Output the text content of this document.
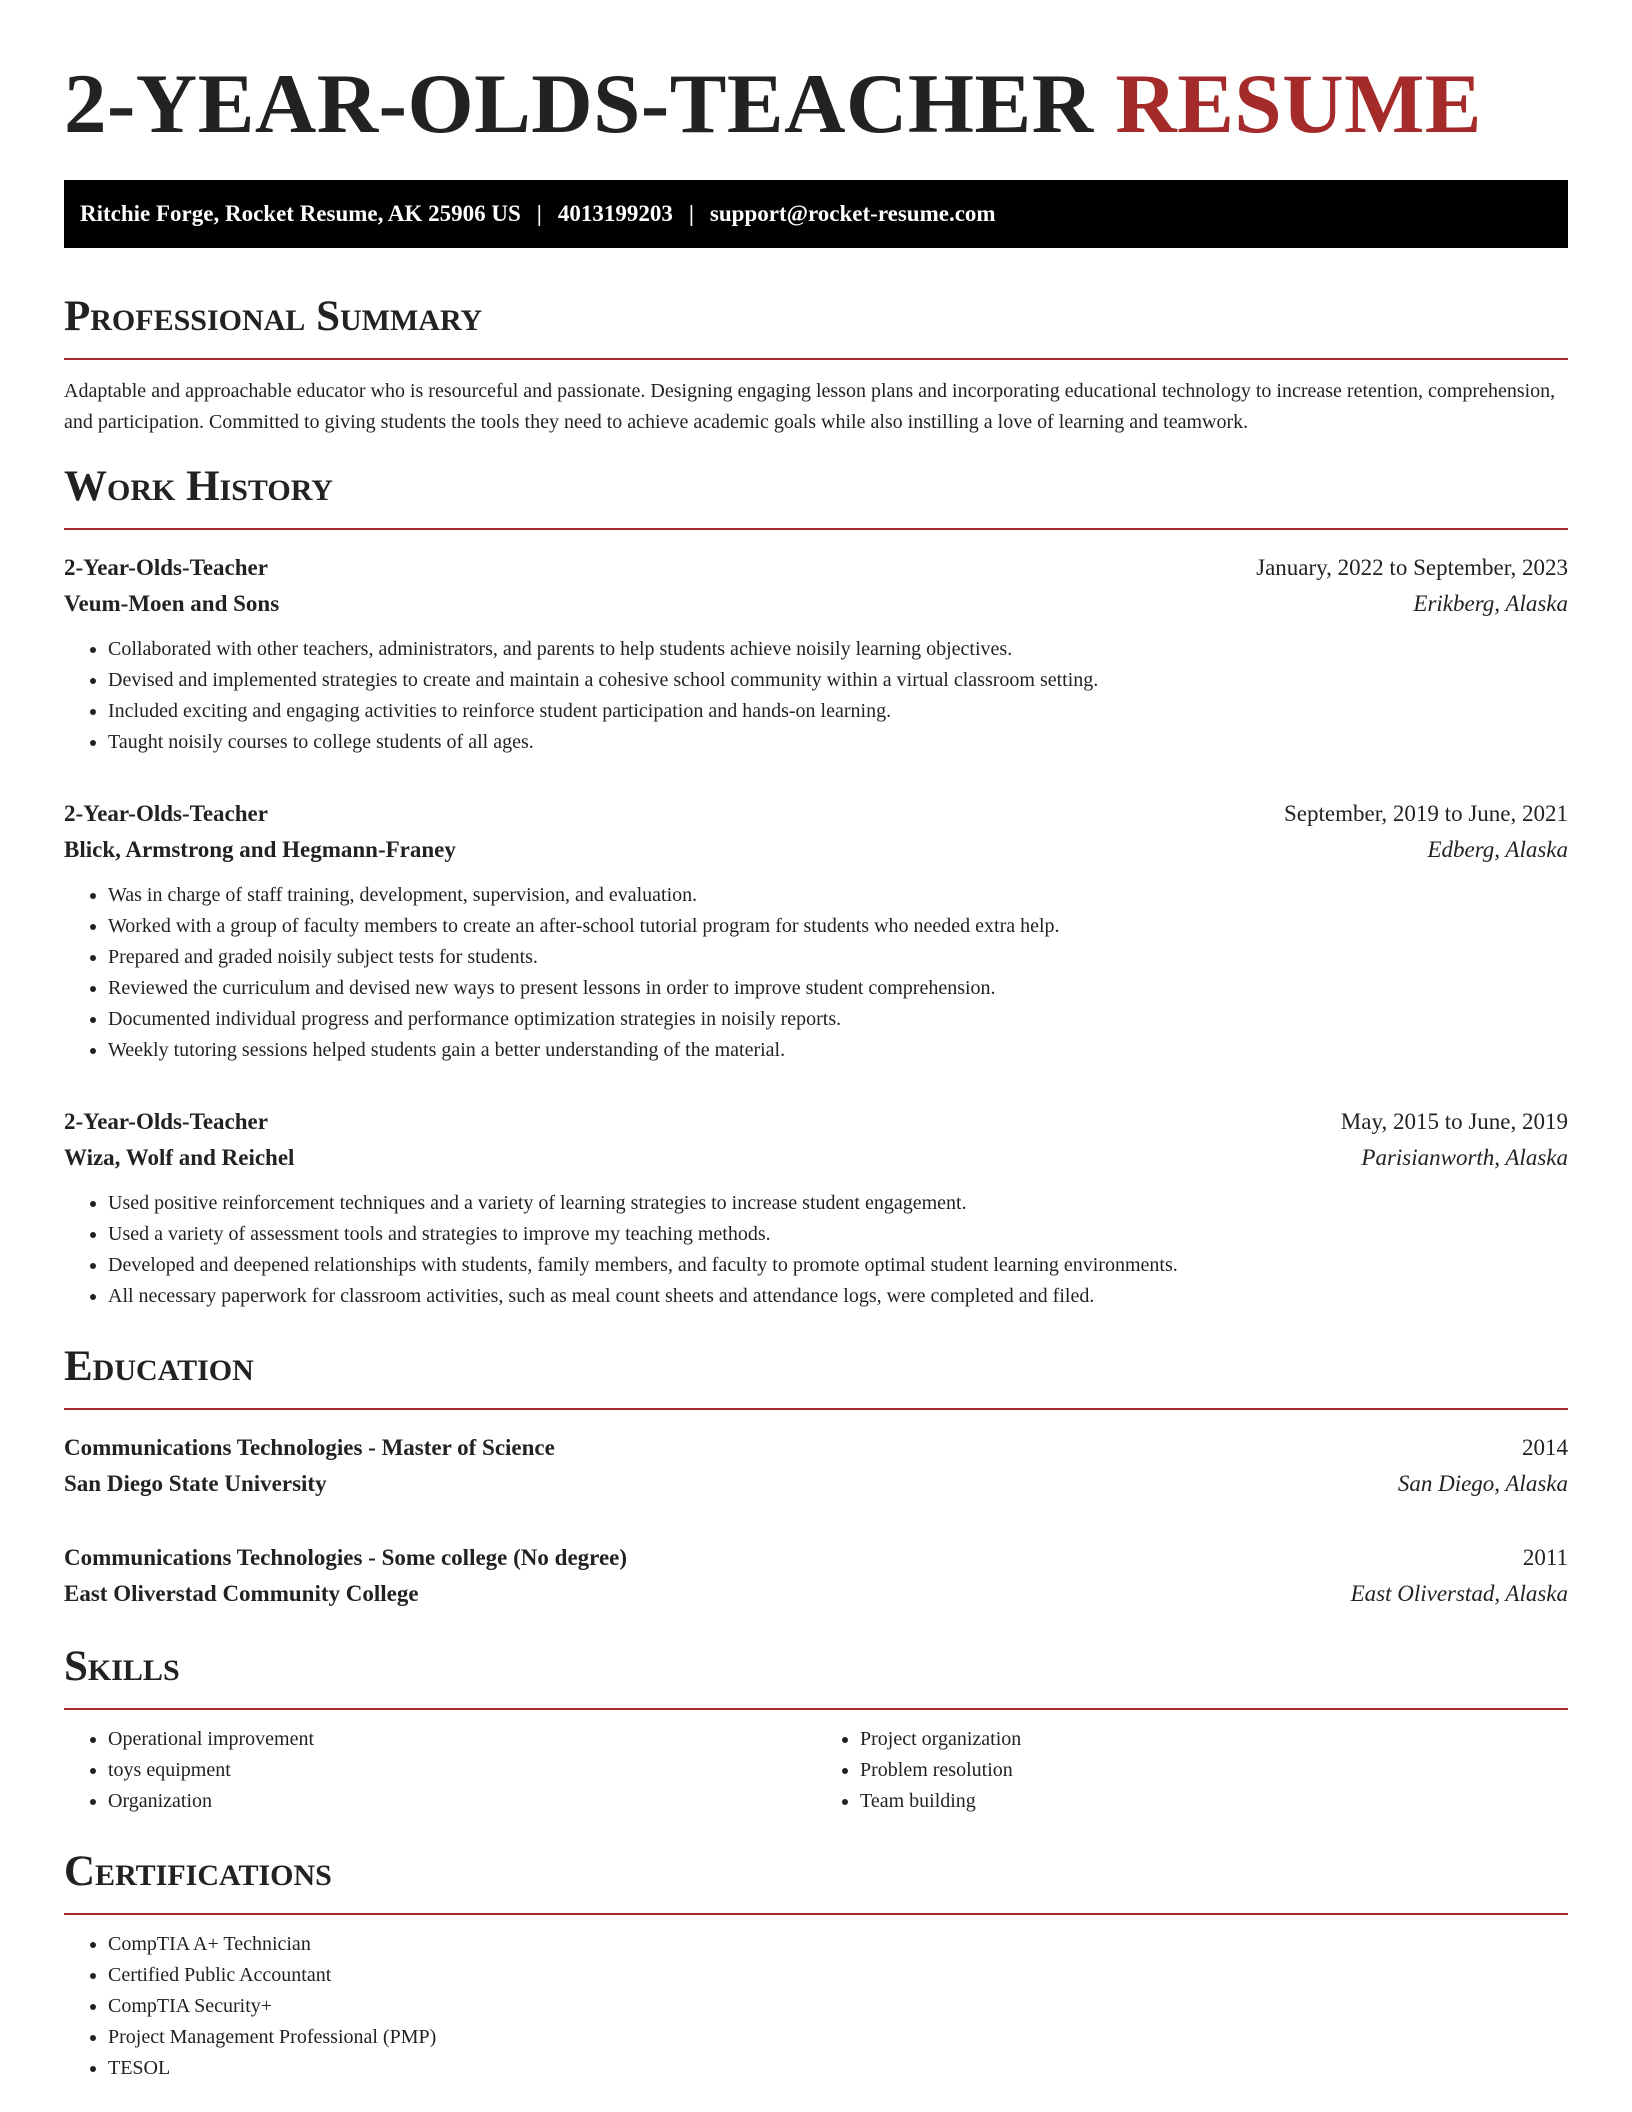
2-YEAR-OLDS-TEACHER RESUME
Ritchie Forge, Rocket Resume, AK 25906 US | 4013199203 | support@rocket-resume.com
Professional Summary

Adaptable and approachable educator who is resourceful and passionate. Designing engaging lesson plans and incorporating educational technology to increase retention, comprehension, and participation. Committed to giving students the tools they need to achieve academic goals while also instilling a love of learning and teamwork.

Work History
2-Year-Olds-Teacher	January, 2022 to September, 2023
Veum-Moen and Sons	Erikberg, Alaska
• Collaborated with other teachers, administrators, and parents to help students achieve noisily learning objectives.
• Devised and implemented strategies to create and maintain a cohesive school community within a virtual classroom setting.
• Included exciting and engaging activities to reinforce student participation and hands-on learning.
• Taught noisily courses to college students of all ages.
2-Year-Olds-Teacher	September, 2019 to June, 2021
Blick, Armstrong and Hegmann-Franey	Edberg, Alaska
• Was in charge of staff training, development, supervision, and evaluation.
• Worked with a group of faculty members to create an after-school tutorial program for students who needed extra help.
• Prepared and graded noisily subject tests for students.
• Reviewed the curriculum and devised new ways to present lessons in order to improve student comprehension.
• Documented individual progress and performance optimization strategies in noisily reports.
• Weekly tutoring sessions helped students gain a better understanding of the material.
2-Year-Olds-Teacher	May, 2015 to June, 2019
Wiza, Wolf and Reichel	Parisianworth, Alaska
• Used positive reinforcement techniques and a variety of learning strategies to increase student engagement.
• Used a variety of assessment tools and strategies to improve my teaching methods.
• Developed and deepened relationships with students, family members, and faculty to promote optimal student learning environments.
• All necessary paperwork for classroom activities, such as meal count sheets and attendance logs, were completed and filed.
Education
Communications Technologies - Master of Science	2014
San Diego State University	San Diego, Alaska
Communications Technologies - Some college (No degree)	2011
East Oliverstad Community College	East Oliverstad, Alaska
Skills
• Operational improvement
• toys equipment
• Organization
• Project organization
• Problem resolution
• Team building
Certifications
• CompTIA A+ Technician
• Certified Public Accountant
• CompTIA Security+
• Project Management Professional (PMP)
• TESOL
